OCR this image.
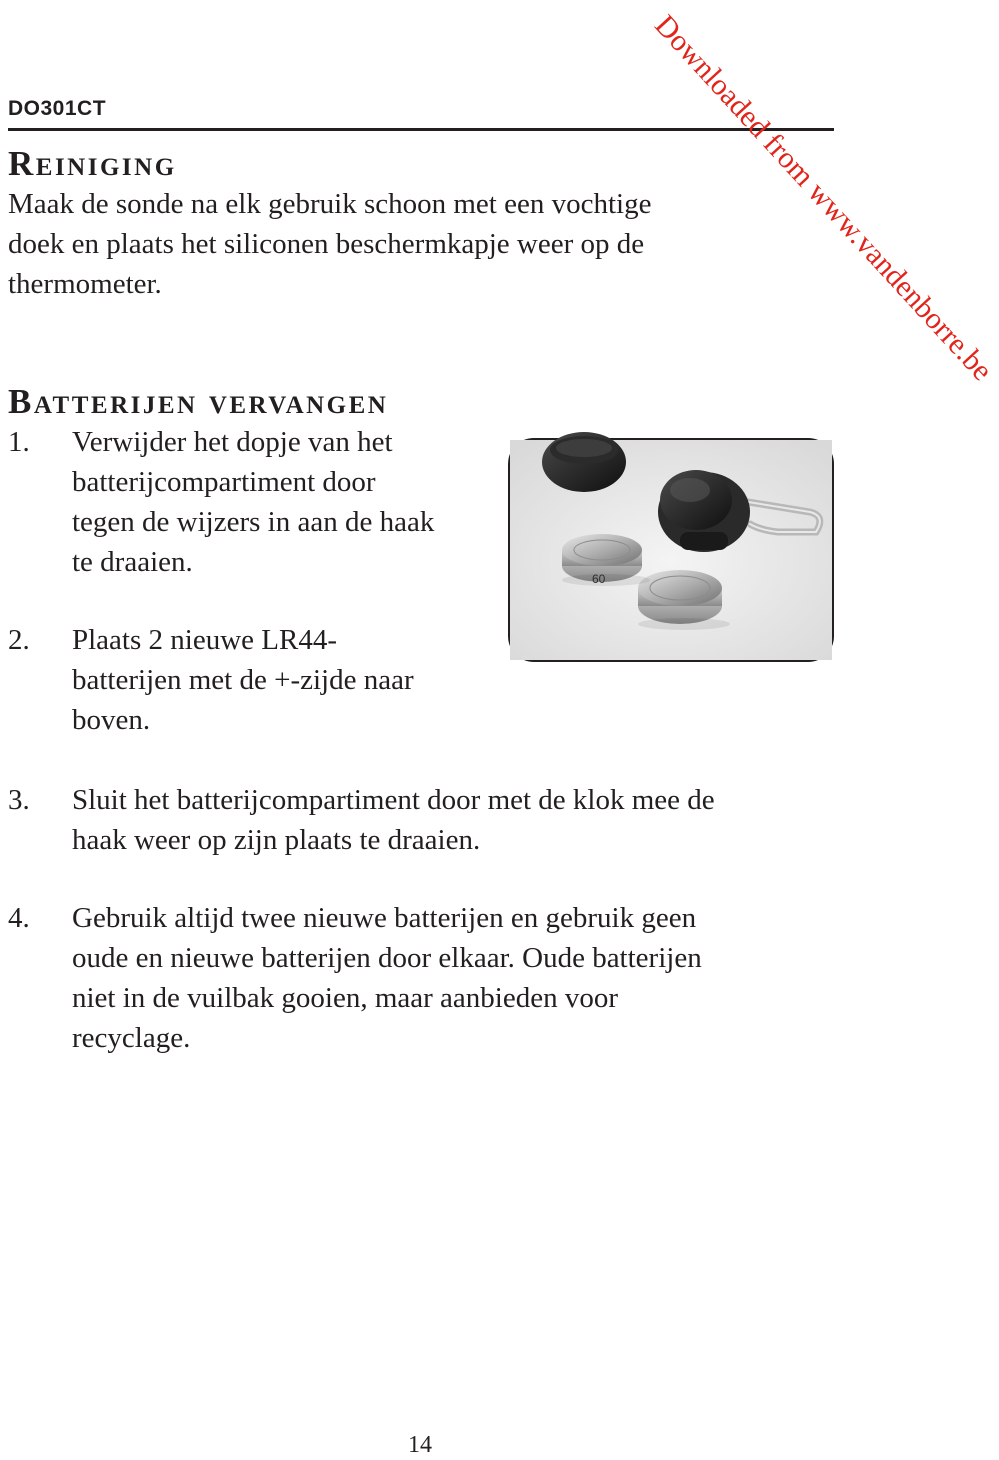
DO301CT	Downloaded from www.vandenborre.be
Reiniging
Maak de sonde na elk gebruik schoon met een vochtige
doek en plaats het siliconen beschermkapje weer op de
thermometer.
Batterijen vervangen
1. Verwijder het dopje van het
batterijcompartiment door
tegen de wijzers in aan de haak
te draaien.
2. Plaats 2 nieuwe LR44-
batterijen met de +-zijde naar
boven.
60
3. Sluit het batterijcompartiment door met de klok mee de
haak weer op zijn plaats te draaien.
4. Gebruik altijd twee nieuwe batterijen en gebruik geen
oude en nieuwe batterijen door elkaar. Oude batterijen
niet in de vuilbak gooien, maar aanbieden voor
recyclage.
14
